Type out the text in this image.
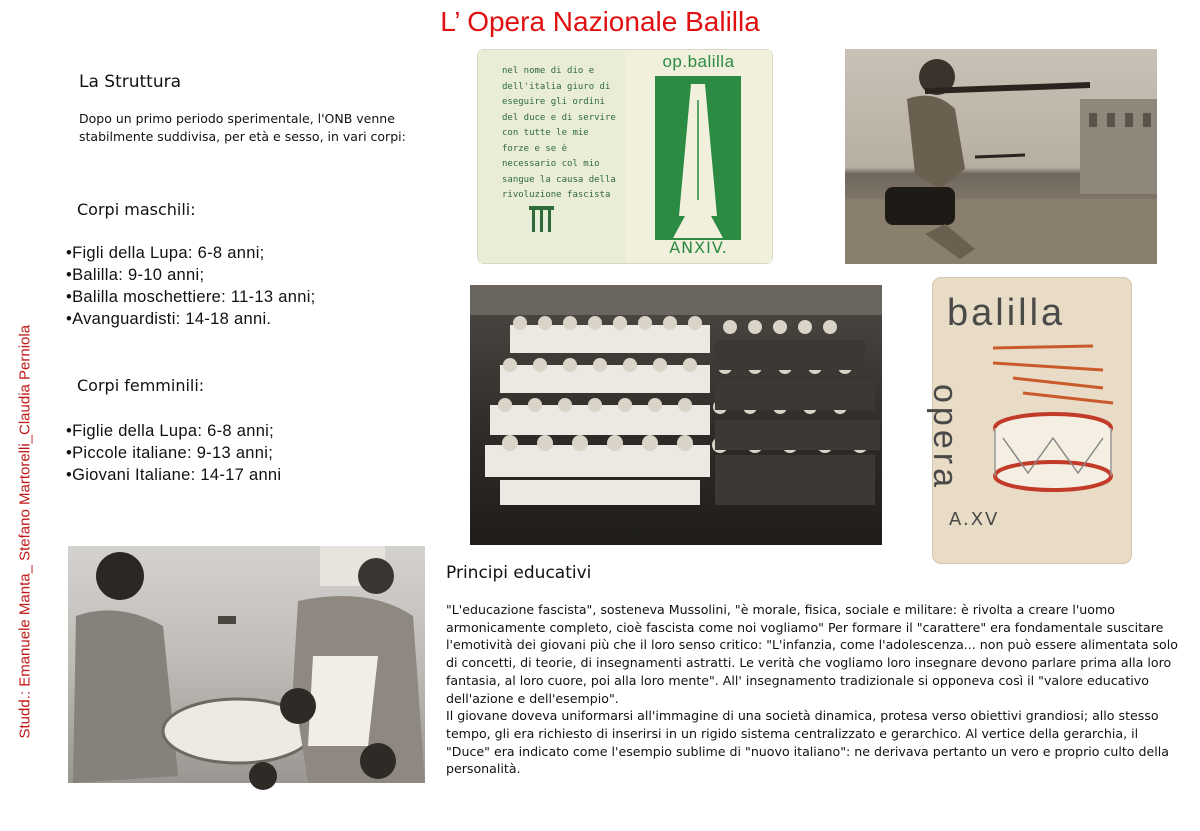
L’ Opera Nazionale Balilla
Studd.: Emanuele Manta_ Stefano Martorelli_Claudia Perniola
La Struttura
Dopo un primo periodo sperimentale, l'ONB venne stabilmente suddivisa, per età e sesso, in vari corpi:
Corpi maschili:
• Figli della Lupa: 6-8 anni;
• Balilla: 9-10 anni;
• Balilla moschettiere: 11-13 anni;
• Avanguardisti: 14-18 anni.
Corpi femminili:
• Figlie della Lupa: 6-8 anni;
• Piccole italiane: 9-13 anni;
• Giovani Italiane: 14-17 anni
nel nome di dio e dell'italia giuro di eseguire gli ordini del duce e di servire con tutte le mie forze e se è necessario col mio sangue la causa della rivoluzione fascista
op.balilla
ANXIV.
balilla
opera
A.XV
Principi educativi

"L'educazione fascista", sosteneva Mussolini, "è morale, fisica, sociale e militare: è rivolta a creare l'uomo armonicamente completo, cioè fascista come noi vogliamo" Per formare il "carattere" era fondamentale suscitare l'emotività dei giovani più che il loro senso critico: "L'infanzia, come l'adolescenza... non può essere alimentata solo di concetti, di teorie, di insegnamenti astratti. Le verità che vogliamo loro insegnare devono parlare prima alla loro fantasia, al loro cuore, poi alla loro mente". All' insegnamento tradizionale si opponeva così il "valore educativo dell'azione e dell'esempio".

Il giovane doveva uniformarsi all'immagine di una società dinamica, protesa verso obiettivi grandiosi; allo stesso tempo, gli era richiesto di inserirsi in un rigido sistema centralizzato e gerarchico. Al vertice della gerarchia, il "Duce" era indicato come l'esempio sublime di "nuovo italiano": ne derivava pertanto un vero e proprio culto della personalità.
